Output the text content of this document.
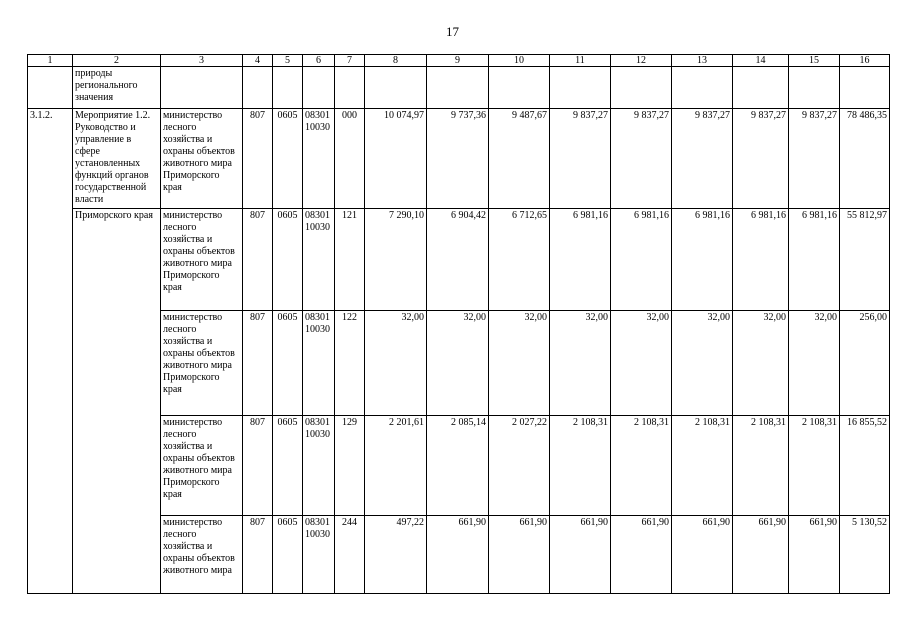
17
1	2	3	4	5	6	7	8	9	10	11	12	13	14	15	16
	природы регионального значения														
3.1.2.	Мероприятие 1.2. Руководство и управление в сфере установленных функций органов государственной власти	министерство лесного хозяйства и охраны объектов животного мира Приморского края	807	0605	08301 10030	000	10 074,97	9 737,36	9 487,67	9 837,27	9 837,27	9 837,27	9 837,27	9 837,27	78 486,35
	Приморского края	министерство лесного хозяйства и охраны объектов животного мира Приморского края	807	0605	08301 10030	121	7 290,10	6 904,42	6 712,65	6 981,16	6 981,16	6 981,16	6 981,16	6 981,16	55 812,97
		министерство лесного хозяйства и охраны объектов животного мира Приморского края	807	0605	08301 10030	122	32,00	32,00	32,00	32,00	32,00	32,00	32,00	32,00	256,00
		министерство лесного хозяйства и охраны объектов животного мира Приморского края	807	0605	08301 10030	129	2 201,61	2 085,14	2 027,22	2 108,31	2 108,31	2 108,31	2 108,31	2 108,31	16 855,52
		министерство лесного хозяйства и охраны объектов животного мира	807	0605	08301 10030	244	497,22	661,90	661,90	661,90	661,90	661,90	661,90	661,90	5 130,52
